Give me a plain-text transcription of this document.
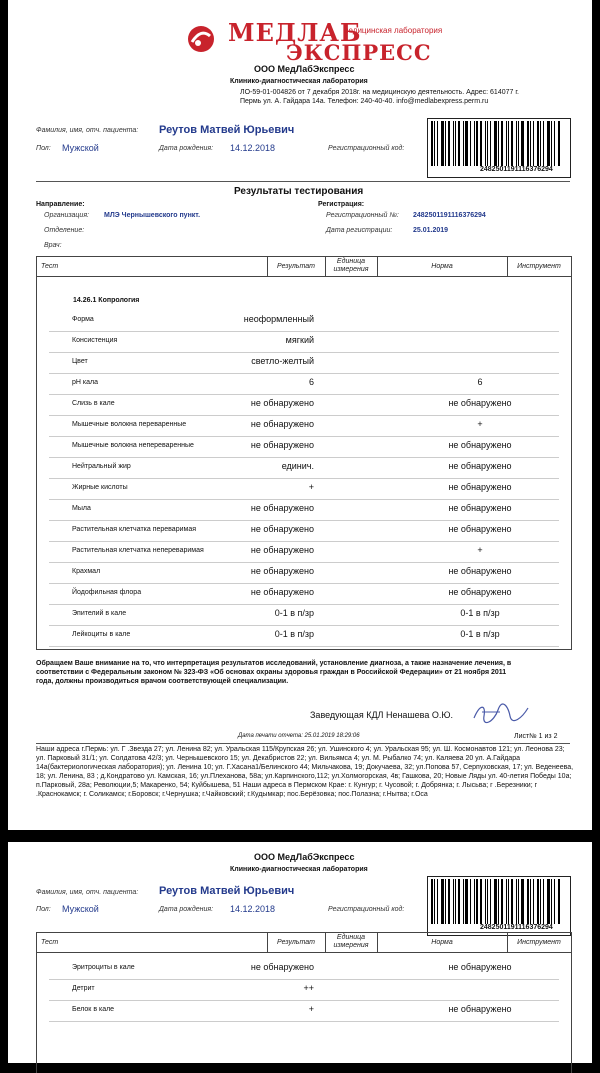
МЕДЛАБ
медицинская лаборатория
ЭКСПРЕСС
ООО МедЛабЭкспресс
Клинико-диагностическая лаборатория
ЛО-59-01-004826 от 7 декабря 2018г. на медицинскую деятельность. Адрес: 614077 г.
Пермь ул. А. Гайдара 14а. Телефон: 240-40-40. info@medlabexpress.perm.ru
Фамилия, имя, отч. пациента: Реутов Матвей Юрьевич
Пол: Мужской	Дата рождения: 14.12.2018	Регистрационный код:
2482501191116376294
Результаты тестирования
Направление:
Организация: МЛЭ Чернышевского пункт.
Отделение:
Врач:
Регистрация:
Регистрационный №: 2482501191116376294
Дата регистрации:	25.01.2019
Тест	Результат
Единица измерения	Норма	Инструмент
14.26.1 Копрология
Форма	неоформленный
Консистенция	мягкий
Цвет	светло-желтый
pH кала	6	6
Слизь в кале	не обнаружено	не обнаружено
Мышечные волокна переваренные	не обнаружено	+
Мышечные волокна непереваренные	не обнаружено	не обнаружено
Нейтральный жир	единич.	не обнаружено
Жирные кислоты	+	не обнаружено
Мыла	не обнаружено	не обнаружено
Растительная клетчатка переваримая	не обнаружено	не обнаружено
Растительная клетчатка непереваримая	не обнаружено	+
Крахмал	не обнаружено	не обнаружено
Йодофильная флора	не обнаружено	не обнаружено
Эпителий в кале	0-1 в п/зр	0-1 в п/зр
Лейкоциты в кале	0-1 в п/зр	0-1 в п/зр
Обращаем Ваше внимание на то, что интерпретация результатов исследований, установление диагноза, а также назначение лечения, в соответствии с Федеральным законом № 323-ФЗ «Об основах охраны здоровья граждан в Российской Федерации» от 21 ноября 2011 года, должны производиться врачом соответствующей специализации.
Заведующая КДЛ Ненашева О.Ю.
Дата печати отчета: 25.01.2019 18:29:06	Лист№ 1 из 2
Наши адреса г.Пермь: ул. Г .Звезда 27; ул. Ленина 82; ул. Уральская 115/Крупская 26; ул. Ушинского 4; ул. Уральская 95; ул. Ш. Космонавтов 121; ул. Леонова 23; ул. Парковый 31/1; ул. Солдатова 42/3; ул. Чернышевского 15; ул. Декабристов 22; ул. Вильямса 4; ул. М. Рыбалко 74; ул. Каляева 20 ул. А.Гайдара 14а(бактериологическая лаборатория); ул. Ленина 10; ул. Г.Хасана1/Белинского 44; Мильчакова, 19; Докучаева, 32; ул.Попова 57, Серпуховская, 17; ул. Веденеева, 18; ул. Ленина, 83 ; д.Кондратово ул. Камская, 16; ул.Плеханова, 58а; ул.Карпинского,112; ул.Холмогорская, 4в; Гашкова, 20; Новые Ляды ул. 40-летия Победы 10а; п.Парковый, 28а; Революции,5; Макаренко, 54; Куйбышева, 51 Наши адреса в Пермском Крае: г. Кунгур; г. Чусовой; г. Добрянка; г. Лысьва; г .Березники; г .Краснокамск; г. Соликамск; г.Боровск; г.Чернушка; г.Чайковский; г.Кудымкар; пос.Берёзовка; пос.Полазна; г.Нытва; г.Оса
ООО МедЛабЭкспресс
Клинико-диагностическая лаборатория
Фамилия, имя, отч. пациента: Реутов Матвей Юрьевич
Пол: Мужской	Дата рождения: 14.12.2018	Регистрационный код:
2482501191116376294
Тест	Результат
Единица измерения	Норма	Инструмент
Эритроциты в кале	не обнаружено	не обнаружено
Детрит	++
Белок в кале	+	не обнаружено
